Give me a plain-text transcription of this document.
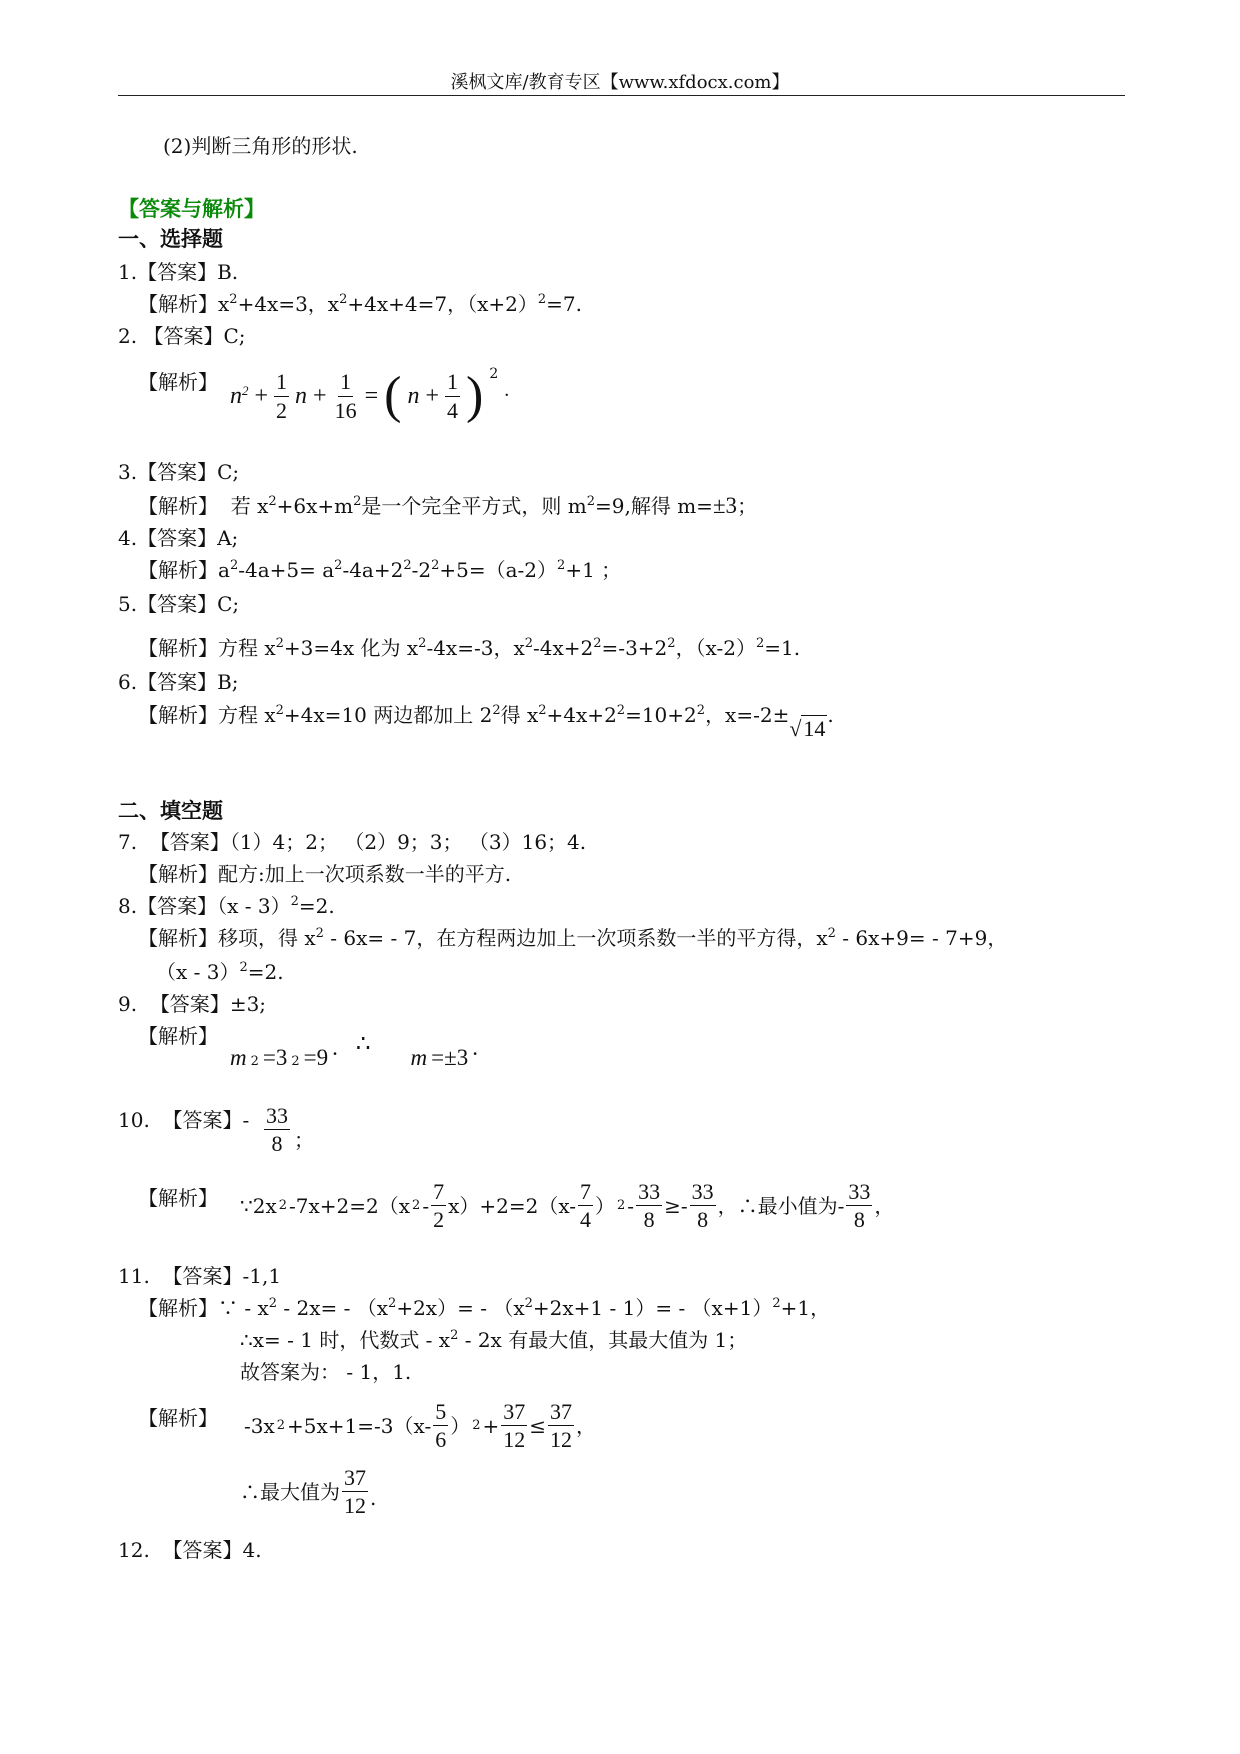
溪枫文库/教育专区【www.xfdocx.com】
(2)判断三角形的形状.
【答案与解析】
一、选择题
1.【答案】B.
【解析】$x^2+4x=3$，$x^2+4x+4=7$，$(x+2)^2=7$.
2. 【答案】C;
【解析】
$n^2 + \frac{1}{2}$ $n + \frac{1}{16}$ = ( $n + \frac{1}{4}$ ) 2
.
3.【答案】C;
【解析】 若 $x^2+6x+m^2$是一个完全平方式，则 $m^2=9$,解得 m=±3；
4.【答案】A;
【解析】$a^2-4a+5= a^2-4a+2^2-2^2+5=(a-2)^2+1$ ；
5.【答案】C;
【解析】方程 $x^2+3=4x$ 化为 $x^2-4x=-3$，$x^2-4x+2^2=-3+2^2$，$(x-2)^2=1$.
6.【答案】B;
【解析】方程 $x^2+4x=10$ 两边都加上 $2^2$得 $x^2+4x+2^2=10+2^2$，x=-2±√14.
二、填空题
7. 【答案】（1）4；2； （2）9；3； （3）16；4.
【解析】配方:加上一次项系数一半的平方.
8.【答案】（x - 3）$^2$=2.
【解析】移项，得 $x^2 - 6x= - 7$，在方程两边加上一次项系数一半的平方得，$x^2 - 6x+9= - 7+9$，
（x - 3）$^2$=2.
9. 【答案】±3;
【解析】
m 2 =3 2 =9 . ∴
m =±3 .
10. 【答案】- $\frac{33}{8}$ ；
【解析】 ∵2x 2 -7x+2=2（x $2 - \frac{7}{2} x)+2=2(x- \frac{7}{4}$ ） $2 - \frac{33}{8} \ge- \frac{33}{8}$ ，∴最小值为- $\frac{33}{8}$ ，
11. 【答案】-1,1
【解析】∵ - $x^2 - 2x= - (x^2+2x)= - (x^2+2x+1 - 1)= - (x+1)^2+1$，
∴x= - 1 时，代数式 - $x^2 - 2x$ 有最大值，其最大值为 1；
故答案为： - 1，1.
【解析】 -3x $2 +5x+1=-3(x- \frac{5}{6}$ ） $2 + \frac{37}{12} \le \frac{37}{12}$ ，
∴最大值为 $\frac{37}{12}$ .
12. 【答案】4.
